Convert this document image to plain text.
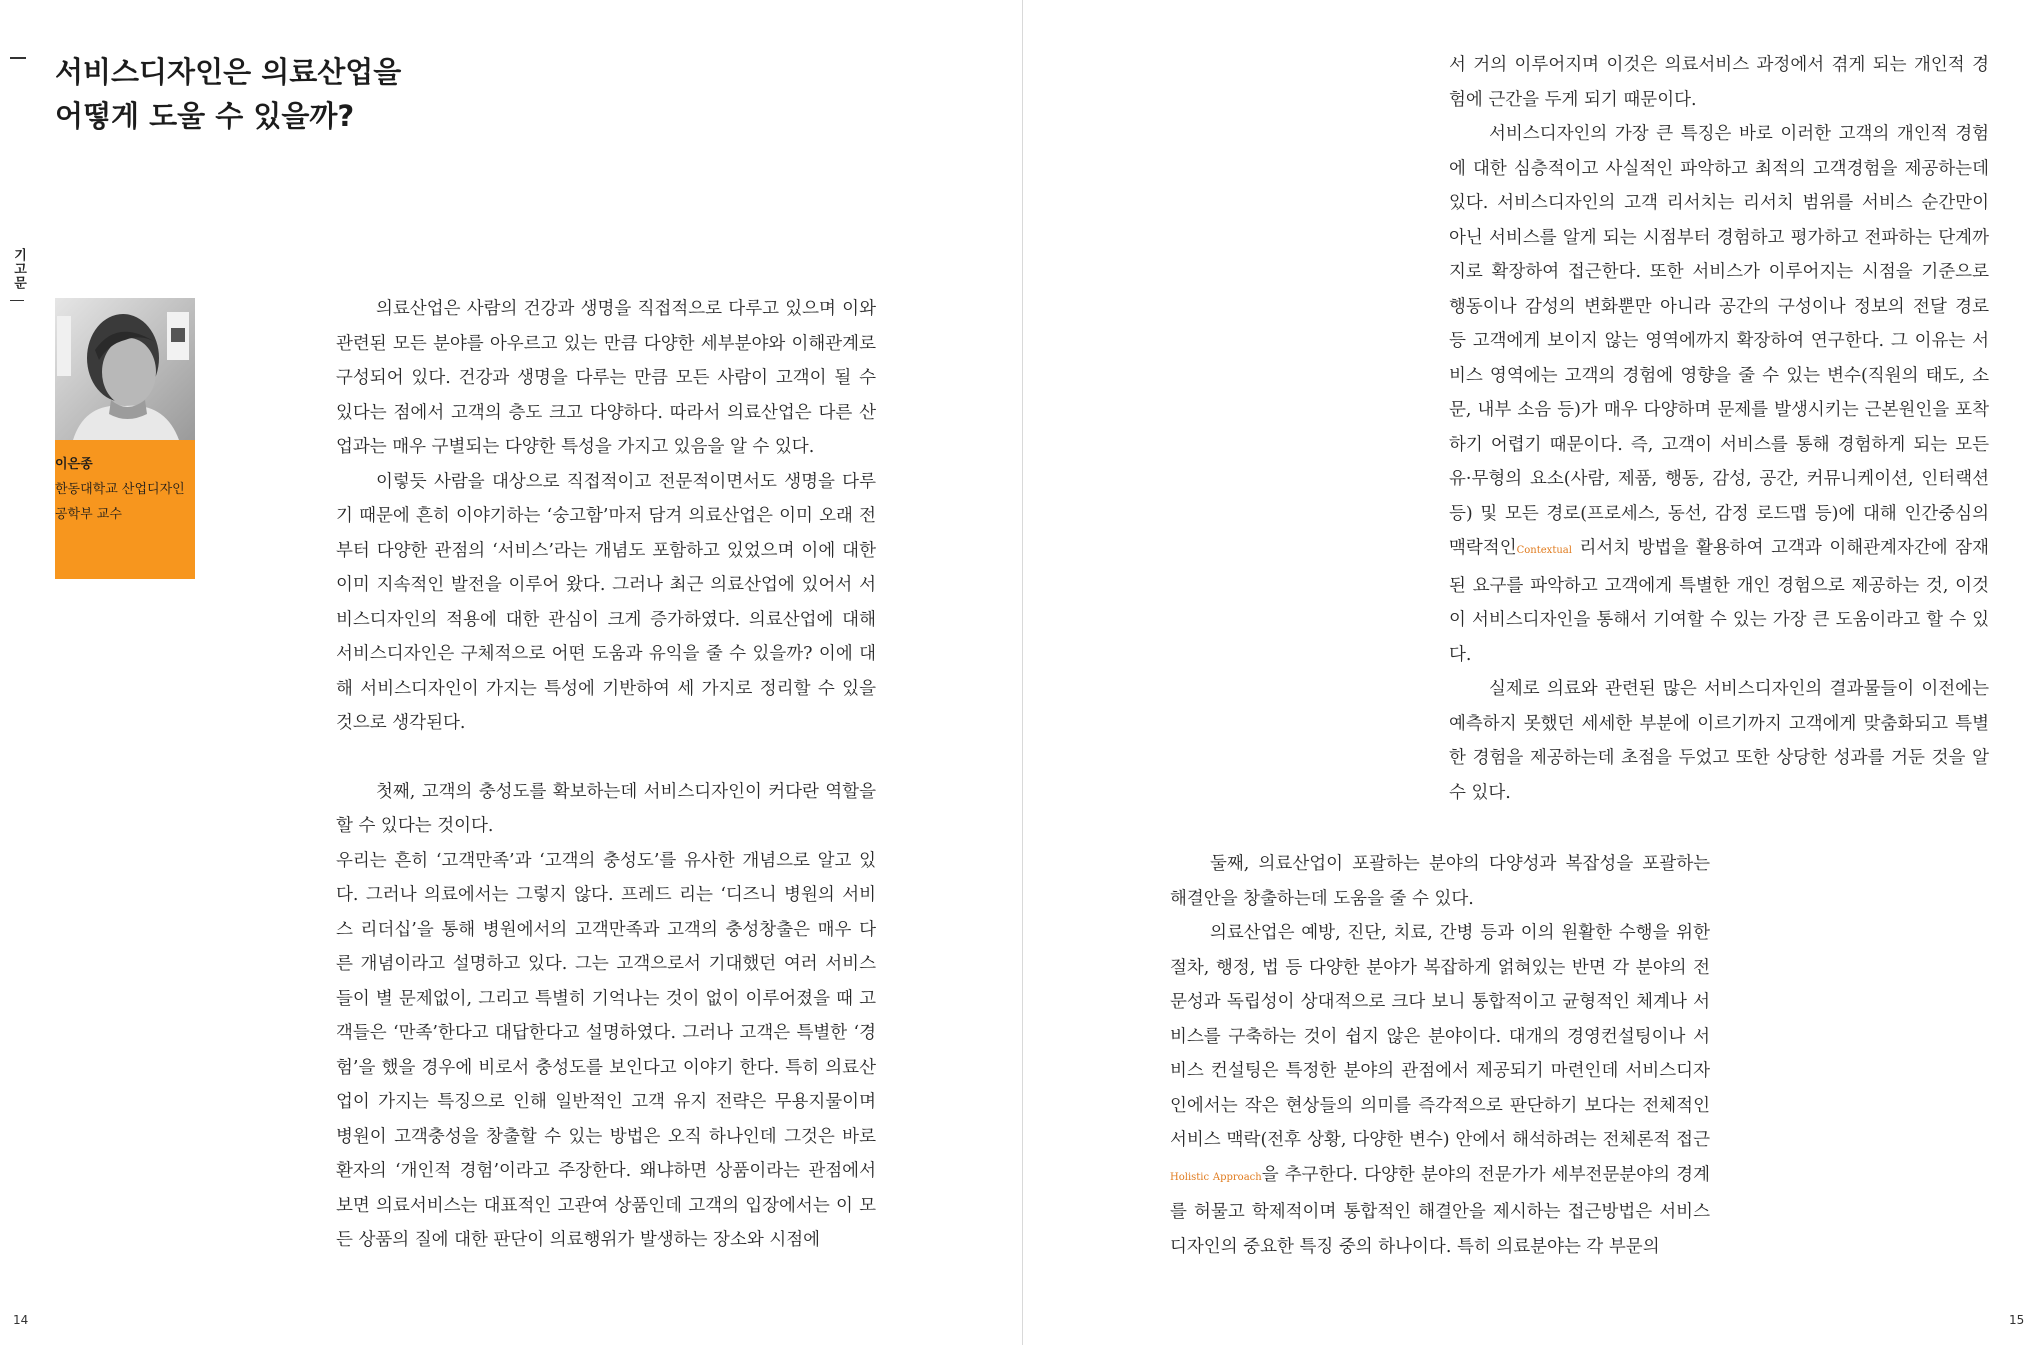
서비스디자인은 의료산업을
어떻게 도울 수 있을까?
기고문
이은종
한동대학교 산업디자인
공학부 교수

의료산업은 사람의 건강과 생명을 직접적으로 다루고 있으며 이와 관련된 모든 분야를 아우르고 있는 만큼 다양한 세부분야와 이해관계로 구성되어 있다. 건강과 생명을 다루는 만큼 모든 사람이 고객이 될 수 있다는 점에서 고객의 층도 크고 다양하다. 따라서 의료산업은 다른 산업과는 매우 구별되는 다양한 특성을 가지고 있음을 알 수 있다.

이렇듯 사람을 대상으로 직접적이고 전문적이면서도 생명을 다루기 때문에 흔히 이야기하는 ‘숭고함’마저 담겨 의료산업은 이미 오래 전부터 다양한 관점의 ‘서비스’라는 개념도 포함하고 있었으며 이에 대한 이미 지속적인 발전을 이루어 왔다. 그러나 최근 의료산업에 있어서 서비스디자인의 적용에 대한 관심이 크게 증가하였다. 의료산업에 대해 서비스디자인은 구체적으로 어떤 도움과 유익을 줄 수 있을까? 이에 대해 서비스디자인이 가지는 특성에 기반하여 세 가지로 정리할 수 있을 것으로 생각된다.

첫째, 고객의 충성도를 확보하는데 서비스디자인이 커다란 역할을 할 수 있다는 것이다.

우리는 흔히 ‘고객만족’과 ‘고객의 충성도’를 유사한 개념으로 알고 있다. 그러나 의료에서는 그렇지 않다. 프레드 리는 ‘디즈니 병원의 서비스 리더십’을 통해 병원에서의 고객만족과 고객의 충성창출은 매우 다른 개념이라고 설명하고 있다. 그는 고객으로서 기대했던 여러 서비스들이 별 문제없이, 그리고 특별히 기억나는 것이 없이 이루어졌을 때 고객들은 ‘만족’한다고 대답한다고 설명하였다. 그러나 고객은 특별한 ‘경험’을 했을 경우에 비로서 충성도를 보인다고 이야기 한다. 특히 의료산업이 가지는 특징으로 인해 일반적인 고객 유지 전략은 무용지물이며 병원이 고객충성을 창출할 수 있는 방법은 오직 하나인데 그것은 바로 환자의 ‘개인적 경험’이라고 주장한다. 왜냐하면 상품이라는 관점에서 보면 의료서비스는 대표적인 고관여 상품인데 고객의 입장에서는 이 모든 상품의 질에 대한 판단이 의료행위가 발생하는 장소와 시점에

서 거의 이루어지며 이것은 의료서비스 과정에서 겪게 되는 개인적 경험에 근간을 두게 되기 때문이다.

서비스디자인의 가장 큰 특징은 바로 이러한 고객의 개인적 경험에 대한 심층적이고 사실적인 파악하고 최적의 고객경험을 제공하는데 있다. 서비스디자인의 고객 리서치는 리서치 범위를 서비스 순간만이 아닌 서비스를 알게 되는 시점부터 경험하고 평가하고 전파하는 단계까지로 확장하여 접근한다. 또한 서비스가 이루어지는 시점을 기준으로 행동이나 감성의 변화뿐만 아니라 공간의 구성이나 정보의 전달 경로 등 고객에게 보이지 않는 영역에까지 확장하여 연구한다. 그 이유는 서비스 영역에는 고객의 경험에 영향을 줄 수 있는 변수(직원의 태도, 소문, 내부 소음 등)가 매우 다양하며 문제를 발생시키는 근본원인을 포착하기 어렵기 때문이다. 즉, 고객이 서비스를 통해 경험하게 되는 모든 유·무형의 요소(사람, 제품, 행동, 감성, 공간, 커뮤니케이션, 인터랙션 등) 및 모든 경로(프로세스, 동선, 감정 로드맵 등)에 대해 인간중심의 맥락적인Contextual 리서치 방법을 활용하여 고객과 이해관계자간에 잠재된 요구를 파악하고 고객에게 특별한 개인 경험으로 제공하는 것, 이것이 서비스디자인을 통해서 기여할 수 있는 가장 큰 도움이라고 할 수 있다.

실제로 의료와 관련된 많은 서비스디자인의 결과물들이 이전에는 예측하지 못했던 세세한 부분에 이르기까지 고객에게 맞춤화되고 특별한 경험을 제공하는데 초점을 두었고 또한 상당한 성과를 거둔 것을 알 수 있다.

둘째, 의료산업이 포괄하는 분야의 다양성과 복잡성을 포괄하는 해결안을 창출하는데 도움을 줄 수 있다.

의료산업은 예방, 진단, 치료, 간병 등과 이의 원활한 수행을 위한 절차, 행정, 법 등 다양한 분야가 복잡하게 얽혀있는 반면 각 분야의 전문성과 독립성이 상대적으로 크다 보니 통합적이고 균형적인 체계나 서비스를 구축하는 것이 쉽지 않은 분야이다. 대개의 경영컨설팅이나 서비스 컨설팅은 특정한 분야의 관점에서 제공되기 마련인데 서비스디자인에서는 작은 현상들의 의미를 즉각적으로 판단하기 보다는 전체적인 서비스 맥락(전후 상황, 다양한 변수) 안에서 해석하려는 전체론적 접근Holistic Approach을 추구한다. 다양한 분야의 전문가가 세부전문분야의 경계를 허물고 학제적이며 통합적인 해결안을 제시하는 접근방법은 서비스디자인의 중요한 특징 중의 하나이다. 특히 의료분야는 각 부문의

14	15
